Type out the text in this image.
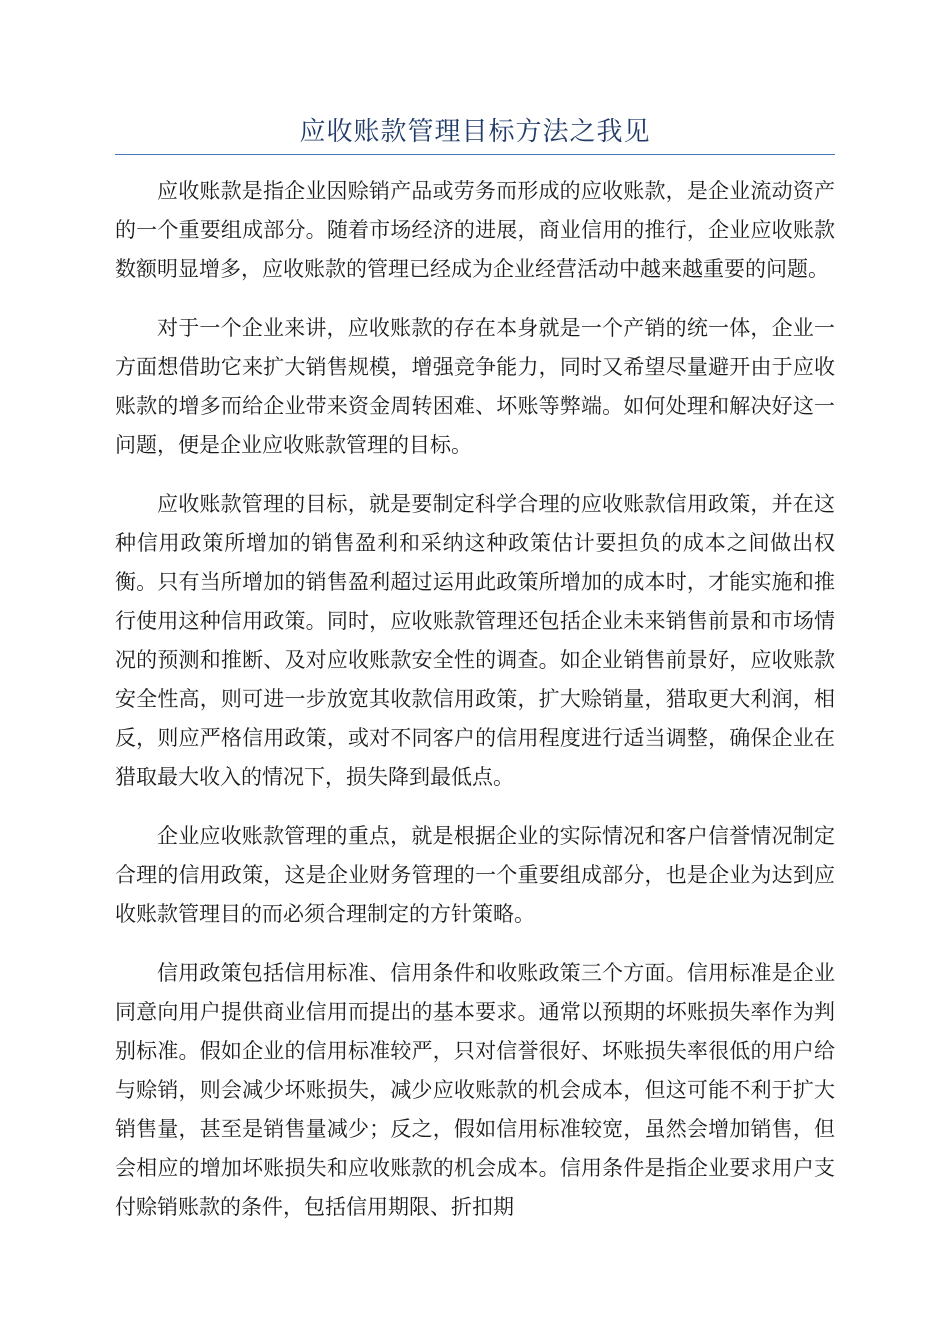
应收账款管理目标方法之我见

应收账款是指企业因赊销产品或劳务而形成的应收账款，是企业流动资产的一个重要组成部分。随着市场经济的进展，商业信用的推行，企业应收账款数额明显增多，应收账款的管理已经成为企业经营活动中越来越重要的问题。

对于一个企业来讲，应收账款的存在本身就是一个产销的统一体，企业一方面想借助它来扩大销售规模，增强竞争能力，同时又希望尽量避开由于应收账款的增多而给企业带来资金周转困难、坏账等弊端。如何处理和解决好这一问题，便是企业应收账款管理的目标。

应收账款管理的目标，就是要制定科学合理的应收账款信用政策，并在这种信用政策所增加的销售盈利和采纳这种政策估计要担负的成本之间做出权衡。只有当所增加的销售盈利超过运用此政策所增加的成本时，才能实施和推行使用这种信用政策。同时，应收账款管理还包括企业未来销售前景和市场情况的预测和推断、及对应收账款安全性的调查。如企业销售前景好，应收账款安全性高，则可进一步放宽其收款信用政策，扩大赊销量，猎取更大利润，相反，则应严格信用政策，或对不同客户的信用程度进行适当调整，确保企业在猎取最大收入的情况下，损失降到最低点。

企业应收账款管理的重点，就是根据企业的实际情况和客户信誉情况制定合理的信用政策，这是企业财务管理的一个重要组成部分，也是企业为达到应收账款管理目的而必须合理制定的方针策略。

信用政策包括信用标准、信用条件和收账政策三个方面。信用标准是企业同意向用户提供商业信用而提出的基本要求。通常以预期的坏账损失率作为判别标准。假如企业的信用标准较严，只对信誉很好、坏账损失率很低的用户给与赊销，则会减少坏账损失，减少应收账款的机会成本，但这可能不利于扩大销售量，甚至是销售量减少；反之，假如信用标准较宽，虽然会增加销售，但会相应的增加坏账损失和应收账款的机会成本。信用条件是指企业要求用户支付赊销账款的条件，包括信用期限、折扣期
